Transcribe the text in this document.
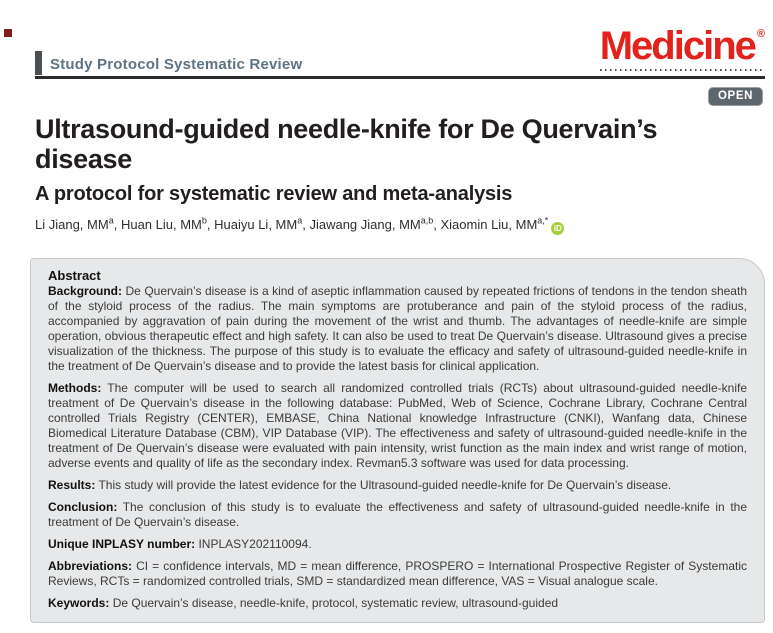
Study Protocol Systematic Review	Medicine ®
OPEN
Ultrasound-guided needle-knife for De Quervain’s disease
A protocol for systematic review and meta-analysis
Li Jiang, $MM^a$, Huan Liu, $MM^b$, Huaiyu Li, $MM^a$, Jiawang Jiang, MM$^{a,b}$, Xiaomin Liu, $MM^{a,*}iD$
Abstract

Background: De Quervain’s disease is a kind of aseptic inflammation caused by repeated frictions of tendons in the tendon sheath of the styloid process of the radius. The main symptoms are protuberance and pain of the styloid process of the radius, accompanied by aggravation of pain during the movement of the wrist and thumb. The advantages of needle-knife are simple operation, obvious therapeutic effect and high safety. It can also be used to treat De Quervain’s disease. Ultrasound gives a precise visualization of the thickness. The purpose of this study is to evaluate the efficacy and safety of ultrasound-guided needle-knife in the treatment of De Quervain’s disease and to provide the latest basis for clinical application.

Methods: The computer will be used to search all randomized controlled trials (RCTs) about ultrasound-guided needle-knife treatment of De Quervain’s disease in the following database: PubMed, Web of Science, Cochrane Library, Cochrane Central controlled Trials Registry (CENTER), EMBASE, China National knowledge Infrastructure (CNKI), Wanfang data, Chinese Biomedical Literature Database (CBM), VIP Database (VIP). The effectiveness and safety of ultrasound-guided needle-knife in the treatment of De Quervain’s disease were evaluated with pain intensity, wrist function as the main index and wrist range of motion, adverse events and quality of life as the secondary index. Revman5.3 software was used for data processing.

Results: This study will provide the latest evidence for the Ultrasound-guided needle-knife for De Quervain’s disease.

Conclusion: The conclusion of this study is to evaluate the effectiveness and safety of ultrasound-guided needle-knife in the treatment of De Quervain’s disease.

Unique INPLASY number: INPLASY202110094.

Abbreviations: CI = confidence intervals, MD = mean difference, PROSPERO = International Prospective Register of Systematic Reviews, RCTs = randomized controlled trials, SMD = standardized mean difference, VAS = Visual analogue scale.

Keywords: De Quervain’s disease, needle-knife, protocol, systematic review, ultrasound-guided
